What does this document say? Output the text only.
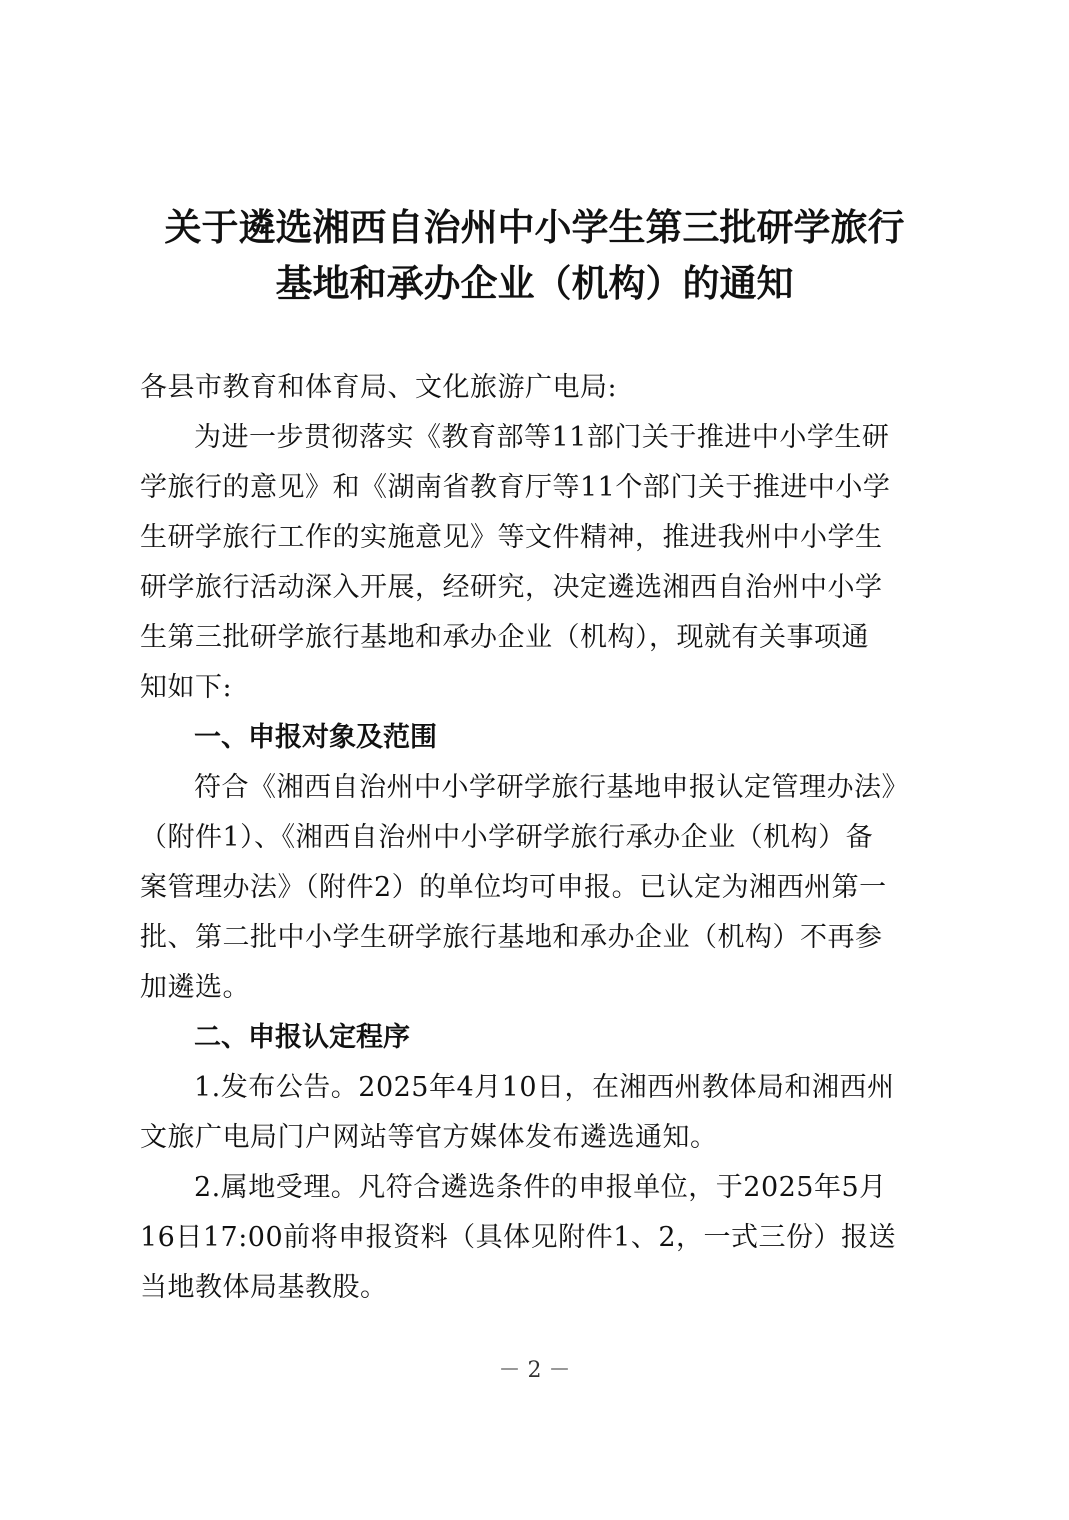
关于遴选湘西自治州中小学生第三批研学旅行
基地和承办企业（机构）的通知
各县市教育和体育局、文化旅游广电局:
为进一步贯彻落实《教育部等11部门关于推进中小学生研
学旅行的意见》和《湖南省教育厅等11个部门关于推进中小学
生研学旅行工作的实施意见》等文件精神，推进我州中小学生
研学旅行活动深入开展，经研究，决定遴选湘西自治州中小学
生第三批研学旅行基地和承办企业（机构），现就有关事项通
知如下:
一、申报对象及范围
符合《湘西自治州中小学研学旅行基地申报认定管理办法》
（附件1）、《湘西自治州中小学研学旅行承办企业（机构）备
案管理办法》（附件2）的单位均可申报。已认定为湘西州第一
批、第二批中小学生研学旅行基地和承办企业（机构）不再参
加遴选。
二、申报认定程序
1.发布公告。2025年4月10日，在湘西州教体局和湘西州
文旅广电局门户网站等官方媒体发布遴选通知。
2.属地受理。凡符合遴选条件的申报单位，于2025年5月
16日17:00前将申报资料（具体见附件1、2，一式三份）报送
当地教体局基教股。
－ 2 －
